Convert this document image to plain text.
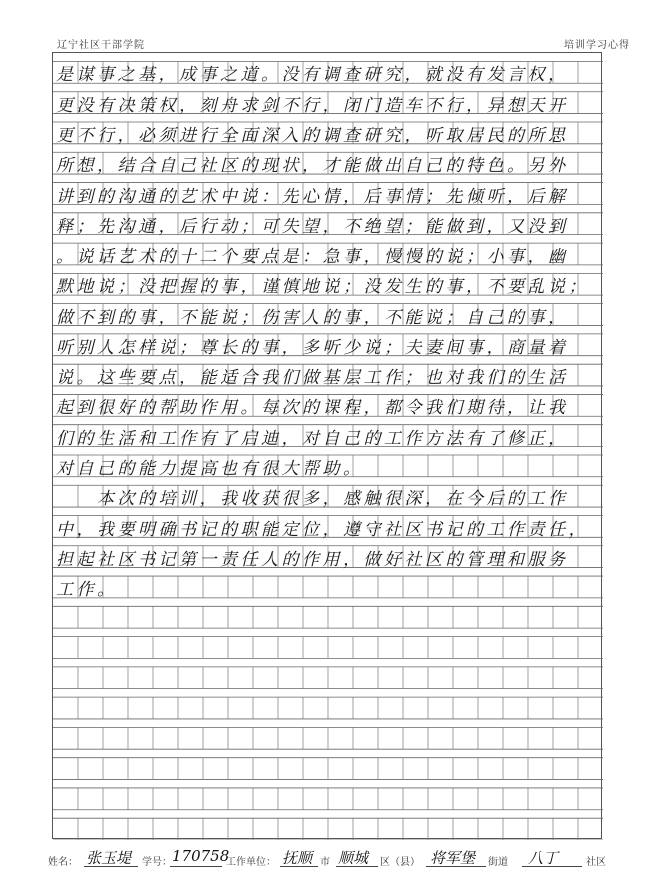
辽宁社区干部学院	培训学习心得
是谋事之基，成事之道。没有调查研究，就没有发言权，
更没有决策权，刻舟求剑不行，闭门造车不行，异想天开
更不行，必须进行全面深入的调查研究，听取居民的所思
所想，结合自己社区的现状，才能做出自己的特色。另外
讲到的沟通的艺术中说：先心情，后事情；先倾听，后解
释；先沟通，后行动；可失望，不绝望；能做到，又没到
。说话艺术的十二个要点是：急事，慢慢的说；小事，幽
默地说；没把握的事，谨慎地说；没发生的事，不要乱说；
做不到的事，不能说；伤害人的事，不能说；自己的事，
听别人怎样说；尊长的事，多听少说；夫妻间事，商量着
说。这些要点，能适合我们做基层工作；也对我们的生活
起到很好的帮助作用。每次的课程，都令我们期待，让我
们的生活和工作有了启迪，对自己的工作方法有了修正，
对自己的能力提高也有很大帮助。
　　本次的培训，我收获很多，感触很深，在今后的工作
中，我要明确书记的职能定位，遵守社区书记的工作责任，
担起社区书记第一责任人的作用，做好社区的管理和服务
工作。
姓名： 张玉堤 学号： 170758
工作单位： 抚顺 市 顺城 区（县） 将军堡 街道 八丁	社区
